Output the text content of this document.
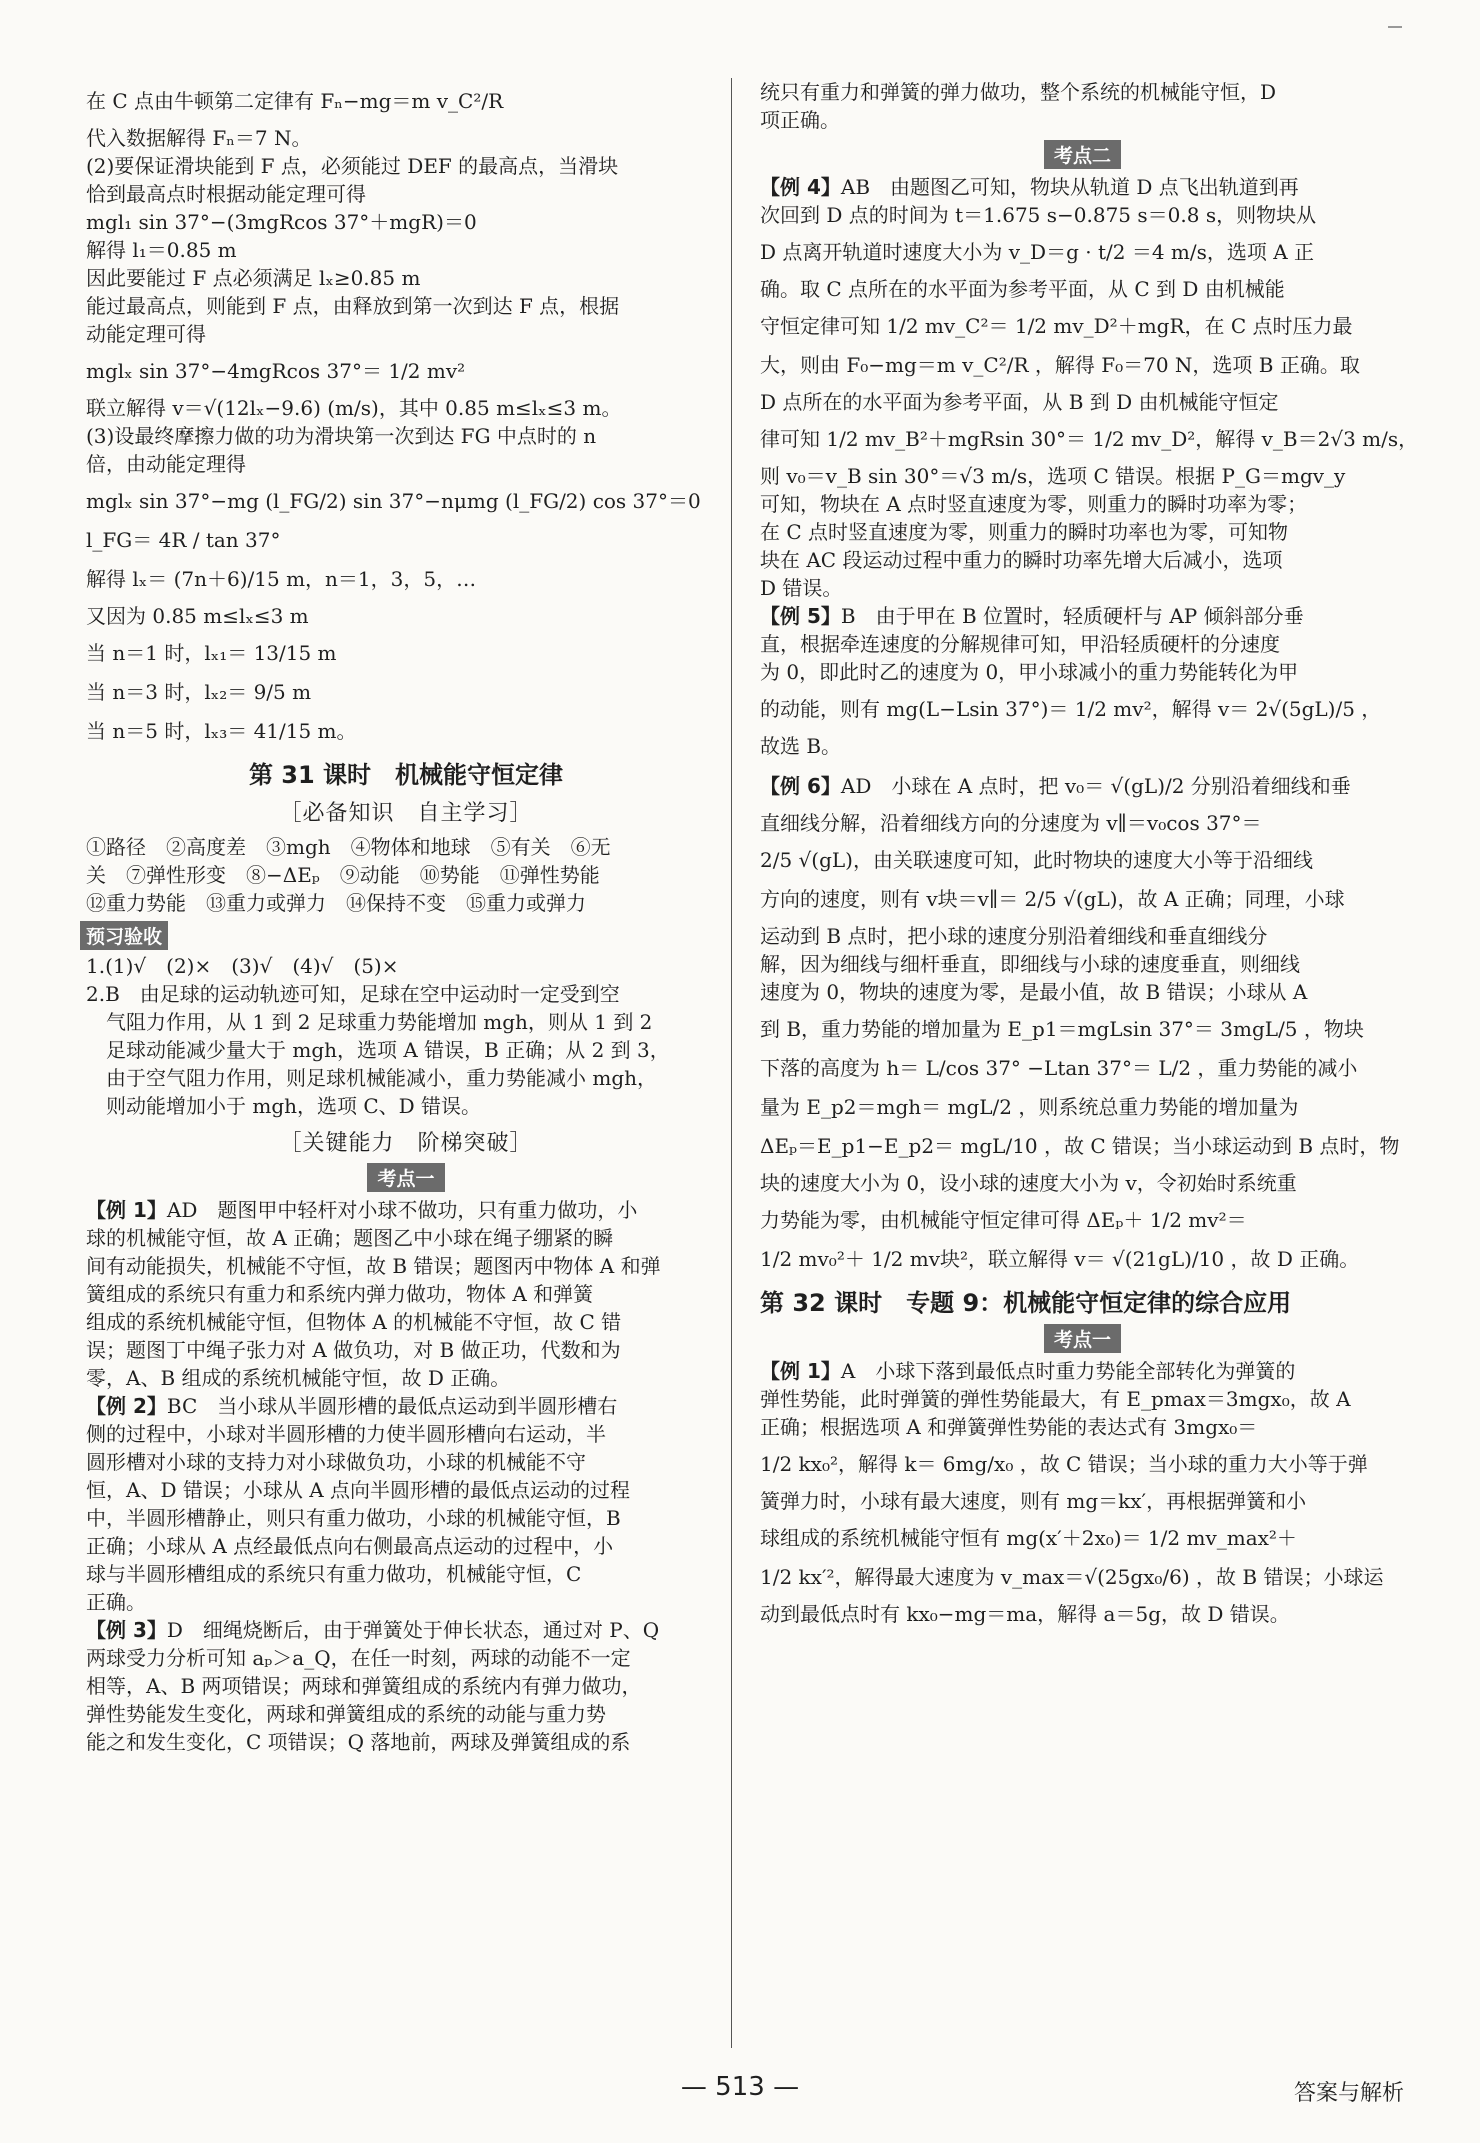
在 C 点由牛顿第二定律有 Fₙ−mg＝m v_C²/R

代入数据解得 Fₙ＝7 N。

(2)要保证滑块能到 F 点，必须能过 DEF 的最高点，当滑块

恰到最高点时根据动能定理可得

mgl₁ sin 37°−(3mgRcos 37°＋mgR)＝0

解得 l₁＝0.85 m

因此要能过 F 点必须满足 lₓ≥0.85 m

能过最高点，则能到 F 点，由释放到第一次到达 F 点，根据

动能定理可得

mglₓ sin 37°−4mgRcos 37°＝ 1/2 mv²

联立解得 v＝√(12lₓ−9.6) (m/s)，其中 0.85 m≤lₓ≤3 m。

(3)设最终摩擦力做的功为滑块第一次到达 FG 中点时的 n

倍，由动能定理得

mglₓ sin 37°−mg (l_FG/2) sin 37°−nμmg (l_FG/2) cos 37°＝0

l_FG＝ 4R / tan 37°

解得 lₓ＝ (7n＋6)/15 m，n＝1，3，5，…

又因为 0.85 m≤lₓ≤3 m

当 n＝1 时，lₓ₁＝ 13/15 m

当 n＝3 时，lₓ₂＝ 9/5 m

当 n＝5 时，lₓ₃＝ 41/15 m。

第 31 课时　机械能守恒定律
［必备知识　自主学习］
①路径　②高度差　③mgh　④物体和地球　⑤有关　⑥无
关　⑦弹性形变　⑧−ΔEₚ　⑨动能　⑩势能　⑪弹性势能
⑫重力势能　⑬重力或弹力　⑭保持不变　⑮重力或弹力
预习验收

1.(1)√　(2)×　(3)√　(4)√　(5)×

2.B　由足球的运动轨迹可知，足球在空中运动时一定受到空

　气阻力作用，从 1 到 2 足球重力势能增加 mgh，则从 1 到 2

　足球动能减少量大于 mgh，选项 A 错误，B 正确；从 2 到 3，

　由于空气阻力作用，则足球机械能减小，重力势能减小 mgh，

　则动能增加小于 mgh，选项 C、D 错误。

［关键能力　阶梯突破］
考点一

【例 1】AD　题图甲中轻杆对小球不做功，只有重力做功，小

球的机械能守恒，故 A 正确；题图乙中小球在绳子绷紧的瞬

间有动能损失，机械能不守恒，故 B 错误；题图丙中物体 A 和弹

簧组成的系统只有重力和系统内弹力做功，物体 A 和弹簧

组成的系统机械能守恒，但物体 A 的机械能不守恒，故 C 错

误；题图丁中绳子张力对 A 做负功，对 B 做正功，代数和为

零，A、B 组成的系统机械能守恒，故 D 正确。

【例 2】BC　当小球从半圆形槽的最低点运动到半圆形槽右

侧的过程中，小球对半圆形槽的力使半圆形槽向右运动，半

圆形槽对小球的支持力对小球做负功，小球的机械能不守

恒，A、D 错误；小球从 A 点向半圆形槽的最低点运动的过程

中，半圆形槽静止，则只有重力做功，小球的机械能守恒，B

正确；小球从 A 点经最低点向右侧最高点运动的过程中，小

球与半圆形槽组成的系统只有重力做功，机械能守恒，C

正确。

【例 3】D　细绳烧断后，由于弹簧处于伸长状态，通过对 P、Q

两球受力分析可知 aₚ＞a_Q，在任一时刻，两球的动能不一定

相等，A、B 两项错误；两球和弹簧组成的系统内有弹力做功，

弹性势能发生变化，两球和弹簧组成的系统的动能与重力势

能之和发生变化，C 项错误；Q 落地前，两球及弹簧组成的系

统只有重力和弹簧的弹力做功，整个系统的机械能守恒，D

项正确。

考点二

【例 4】AB　由题图乙可知，物块从轨道 D 点飞出轨道到再

次回到 D 点的时间为 t＝1.675 s−0.875 s＝0.8 s，则物块从

D 点离开轨道时速度大小为 v_D＝g · t/2 ＝4 m/s，选项 A 正

确。取 C 点所在的水平面为参考平面，从 C 到 D 由机械能

守恒定律可知 1/2 mv_C²＝ 1/2 mv_D²＋mgR，在 C 点时压力最

大，则由 F₀−mg＝m v_C²/R ，解得 F₀＝70 N，选项 B 正确。取

D 点所在的水平面为参考平面，从 B 到 D 由机械能守恒定

律可知 1/2 mv_B²＋mgRsin 30°＝ 1/2 mv_D²，解得 v_B＝2√3 m/s，

则 v₀＝v_B sin 30°＝√3 m/s，选项 C 错误。根据 P_G＝mgv_y

可知，物块在 A 点时竖直速度为零，则重力的瞬时功率为零；

在 C 点时竖直速度为零，则重力的瞬时功率也为零，可知物

块在 AC 段运动过程中重力的瞬时功率先增大后减小，选项

D 错误。

【例 5】B　由于甲在 B 位置时，轻质硬杆与 AP 倾斜部分垂

直，根据牵连速度的分解规律可知，甲沿轻质硬杆的分速度

为 0，即此时乙的速度为 0，甲小球减小的重力势能转化为甲

的动能，则有 mg(L−Lsin 37°)＝ 1/2 mv²，解得 v＝ 2√(5gL)/5 ，

故选 B。

【例 6】AD　小球在 A 点时，把 v₀＝ √(gL)/2 分别沿着细线和垂

直细线分解，沿着细线方向的分速度为 v∥＝v₀cos 37°＝

2/5 √(gL)，由关联速度可知，此时物块的速度大小等于沿细线

方向的速度，则有 v块＝v∥＝ 2/5 √(gL)，故 A 正确；同理，小球

运动到 B 点时，把小球的速度分别沿着细线和垂直细线分

解，因为细线与细杆垂直，即细线与小球的速度垂直，则细线

速度为 0，物块的速度为零，是最小值，故 B 错误；小球从 A

到 B，重力势能的增加量为 E_p1＝mgLsin 37°＝ 3mgL/5 ，物块

下落的高度为 h＝ L/cos 37° −Ltan 37°＝ L/2 ，重力势能的减小

量为 E_p2＝mgh＝ mgL/2 ，则系统总重力势能的增加量为

ΔEₚ＝E_p1−E_p2＝ mgL/10 ，故 C 错误；当小球运动到 B 点时，物

块的速度大小为 0，设小球的速度大小为 v，令初始时系统重

力势能为零，由机械能守恒定律可得 ΔEₚ＋ 1/2 mv²＝

1/2 mv₀²＋ 1/2 mv块²，联立解得 v＝ √(21gL)/10 ，故 D 正确。

第 32 课时　专题 9：机械能守恒定律的综合应用
考点一

【例 1】A　小球下落到最低点时重力势能全部转化为弹簧的

弹性势能，此时弹簧的弹性势能最大，有 E_pmax＝3mgx₀，故 A

正确；根据选项 A 和弹簧弹性势能的表达式有 3mgx₀＝

1/2 kx₀²，解得 k＝ 6mg/x₀ ，故 C 错误；当小球的重力大小等于弹

簧弹力时，小球有最大速度，则有 mg＝kx′，再根据弹簧和小

球组成的系统机械能守恒有 mg(x′＋2x₀)＝ 1/2 mv_max²＋

1/2 kx′²，解得最大速度为 v_max＝√(25gx₀/6) ，故 B 错误；小球运

动到最低点时有 kx₀−mg＝ma，解得 a＝5g，故 D 错误。

— 513 —	答案与解析
